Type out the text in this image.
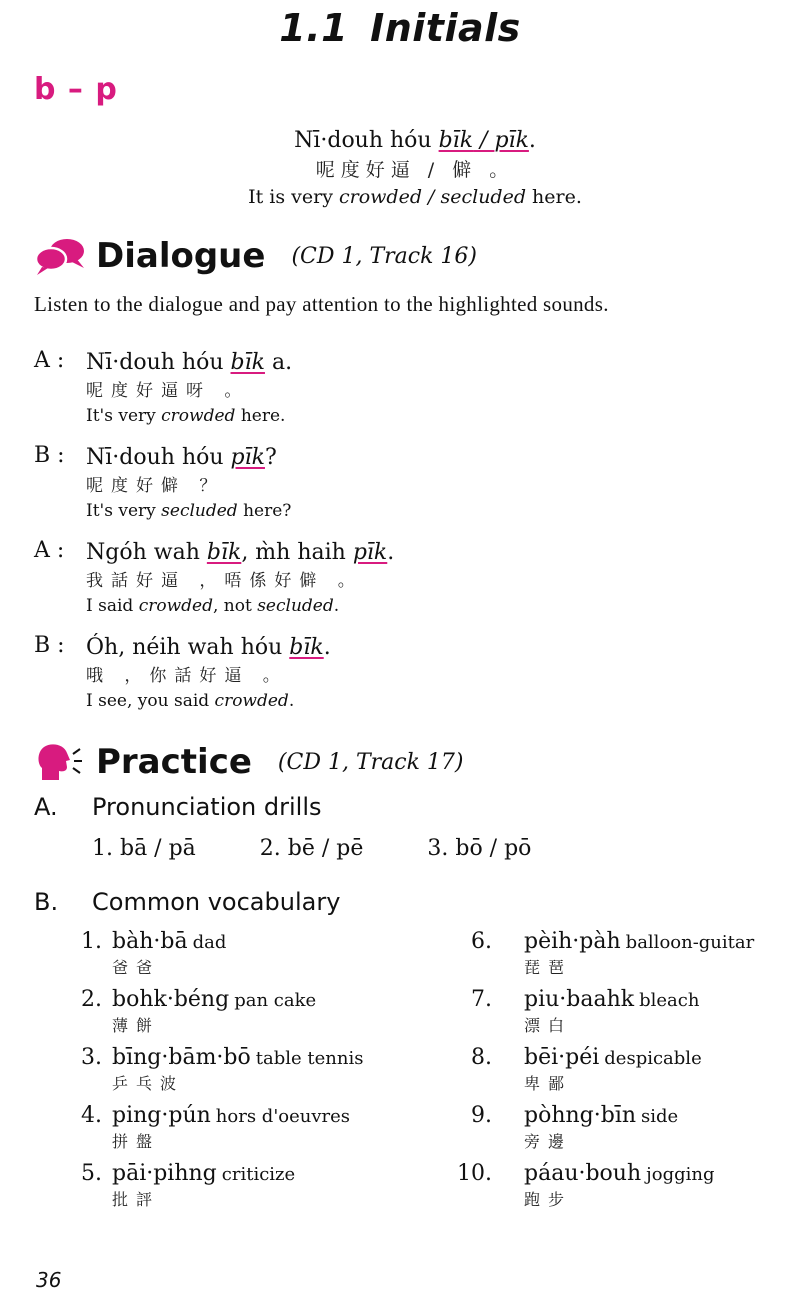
1.1 Initials
b – p
Nī·douh hóu bīk / pīk.
呢度好逼 / 僻 。
It is very crowded / secluded here.
Dialogue (CD 1, Track 16)
Listen to the dialogue and pay attention to the highlighted sounds.
A : Nī·douh hóu bīk a.
呢度好逼呀 。
It's very crowded here.
B : Nī·douh hóu pīk?
呢度好僻 ？
It's very secluded here?
A : Ngóh wah bīk, m̀h haih pīk.
我話好逼 ，唔係好僻 。
I said crowded, not secluded.
B : Óh, néih wah hóu bīk.
哦 ，你話好逼 。
I see, you said crowded.
Practice (CD 1, Track 17)
A. Pronunciation drills
1. bā / pā	2. bē / pē	3. bō / pō
B. Common vocabulary
1. bàh·bā dad
爸爸
2. bohk·béng pan cake
薄餅
3. bīng·bām·bō table tennis
乒乓波
4. ping·pún hors d'oeuvres
拼盤
5. pāi·pihng criticize
批評
6. pèih·pàh balloon-guitar
琵琶
7. piu·baahk bleach
漂白
8. bēi·péi despicable
卑鄙
9. pòhng·bīn side
旁邊
10. páau·bouh jogging
跑步
36
